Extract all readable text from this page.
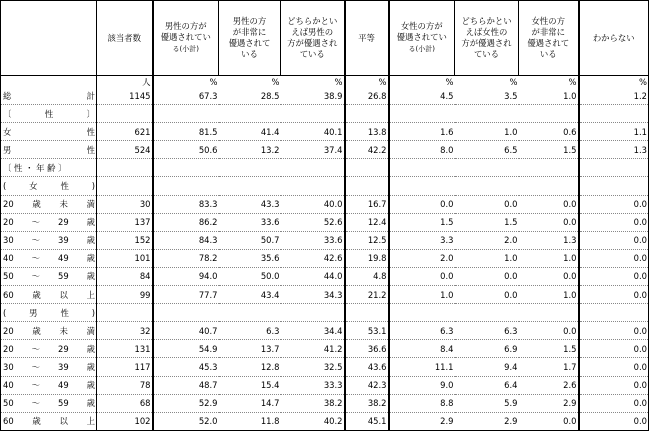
	該当者数	男性の方が
優遇されてい
る(小計)	男性の方
が非常に
優遇されて
いる	どちらかとい
えば男性の
方が優遇され
ている	平等	女性の方が
優遇されてい
る(小計)	どちらかとい
えば女性の
方が優遇され
ている	女性の方
が非常に
優遇されて
いる	わからない
	人	%	%	%	%	%	%	%	%

総 計	1145	67.3	28.5	38.9	26.8	4.5	3.5	1.0	1.2

〔 性 〕									

女 性	621	81.5	41.4	40.1	13.8	1.6	1.0	0.6	1.1

男 性	524	50.6	13.2	37.4	42.2	8.0	6.5	1.5	1.3

〔 性 ・ 年 齢 〕									

( 女 性 )									

20 歳 未 満	30	83.3	43.3	40.0	16.7	0.0	0.0	0.0	0.0

20 〜 29 歳	137	86.2	33.6	52.6	12.4	1.5	1.5	0.0	0.0

30 〜 39 歳	152	84.3	50.7	33.6	12.5	3.3	2.0	1.3	0.0

40 〜 49 歳	101	78.2	35.6	42.6	19.8	2.0	1.0	1.0	0.0

50 〜 59 歳	84	94.0	50.0	44.0	4.8	0.0	0.0	0.0	0.0

60 歳 以 上	99	77.7	43.4	34.3	21.2	1.0	0.0	1.0	0.0

( 男 性 )									

20 歳 未 満	32	40.7	6.3	34.4	53.1	6.3	6.3	0.0	0.0

20 〜 29 歳	131	54.9	13.7	41.2	36.6	8.4	6.9	1.5	0.0

30 〜 39 歳	117	45.3	12.8	32.5	43.6	11.1	9.4	1.7	0.0

40 〜 49 歳	78	48.7	15.4	33.3	42.3	9.0	6.4	2.6	0.0

50 〜 59 歳	68	52.9	14.7	38.2	38.2	8.8	5.9	2.9	0.0

60 歳 以 上	102	52.0	11.8	40.2	45.1	2.9	2.9	0.0	0.0
